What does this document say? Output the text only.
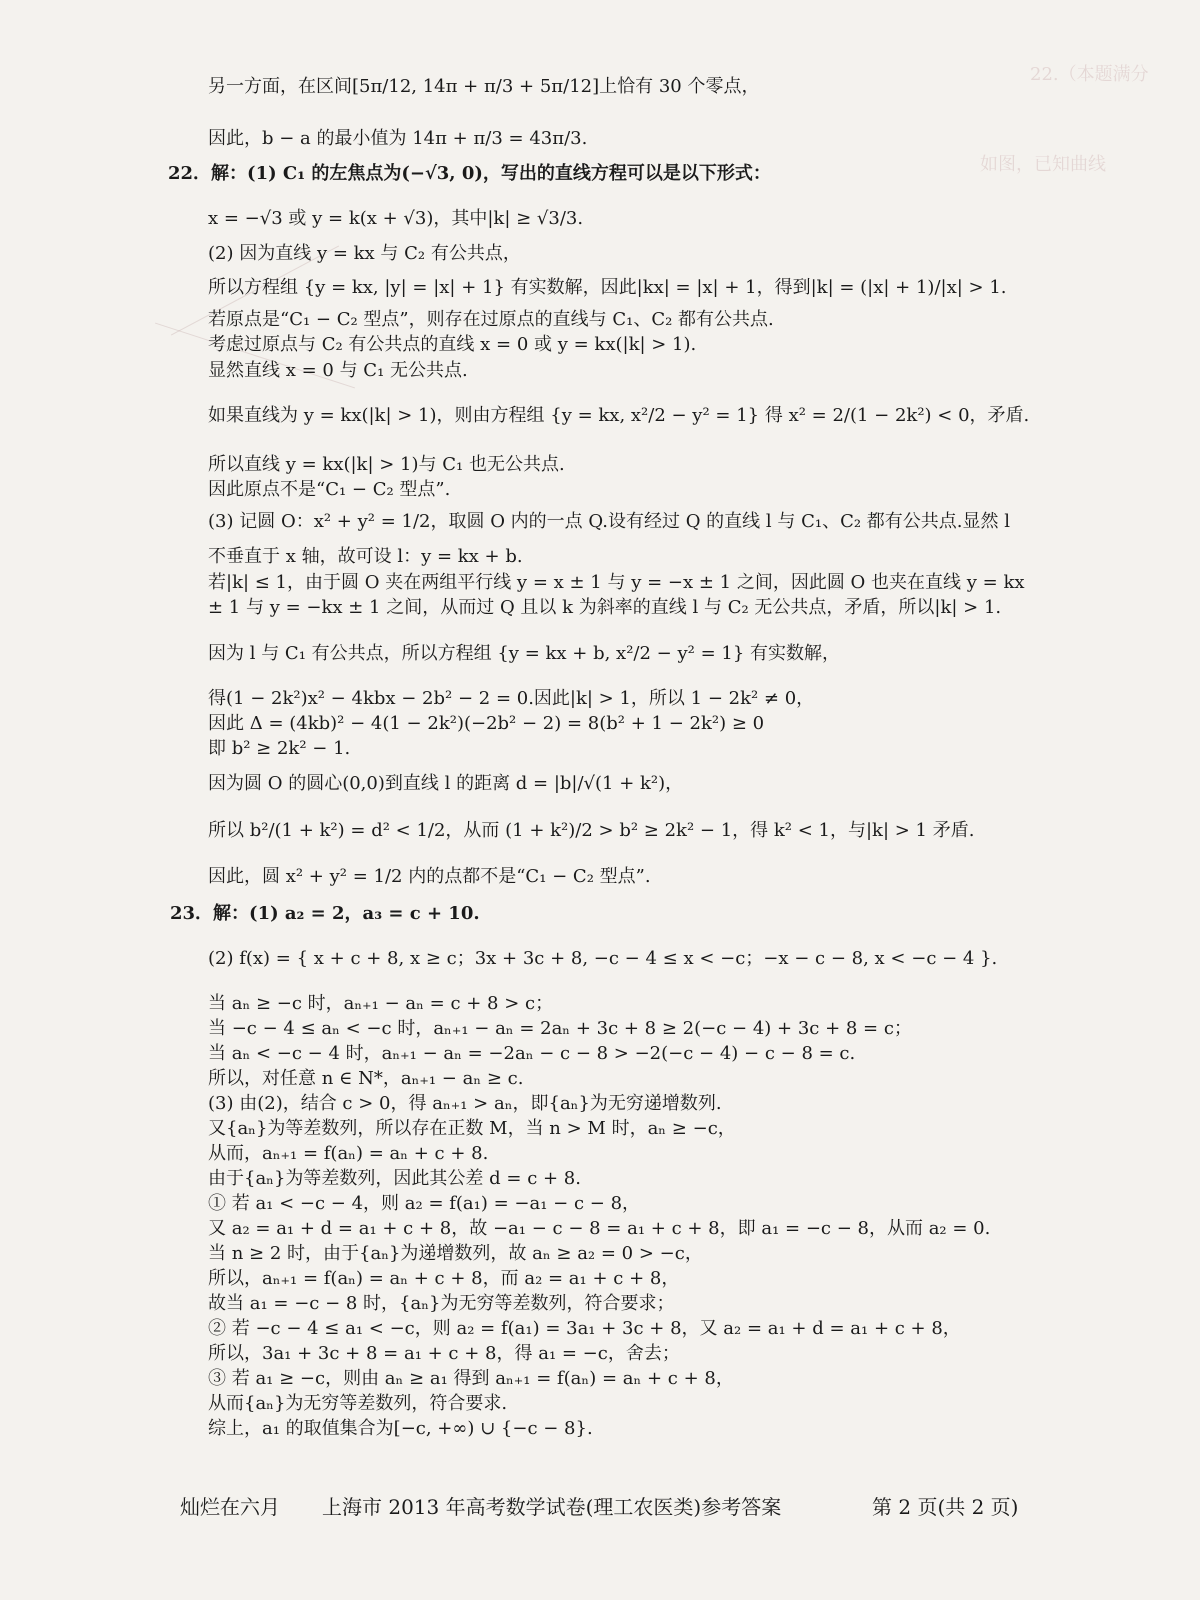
22.（本题满分
如图，已知曲线
另一方面，在区间[5π/12, 14π + π/3 + 5π/12]上恰有 30 个零点，
因此，b − a 的最小值为 14π + π/3 = 43π/3.
22．解：(1) C₁ 的左焦点为(−√3, 0)，写出的直线方程可以是以下形式：
x = −√3 或 y = k(x + √3)，其中|k| ≥ √3/3.
(2) 因为直线 y = kx 与 C₂ 有公共点，
所以方程组 {y = kx, |y| = |x| + 1} 有实数解，因此|kx| = |x| + 1，得到|k| = (|x| + 1)/|x| > 1.
若原点是“C₁ − C₂ 型点”，则存在过原点的直线与 C₁、C₂ 都有公共点.
考虑过原点与 C₂ 有公共点的直线 x = 0 或 y = kx(|k| > 1).
显然直线 x = 0 与 C₁ 无公共点.
如果直线为 y = kx(|k| > 1)，则由方程组 {y = kx, x²/2 − y² = 1} 得 x² = 2/(1 − 2k²) < 0，矛盾.
所以直线 y = kx(|k| > 1)与 C₁ 也无公共点.
因此原点不是“C₁ − C₂ 型点”.
(3) 记圆 O：x² + y² = 1/2，取圆 O 内的一点 Q.设有经过 Q 的直线 l 与 C₁、C₂ 都有公共点.显然 l
不垂直于 x 轴，故可设 l：y = kx + b.
若|k| ≤ 1，由于圆 O 夹在两组平行线 y = x ± 1 与 y = −x ± 1 之间，因此圆 O 也夹在直线 y = kx
± 1 与 y = −kx ± 1 之间，从而过 Q 且以 k 为斜率的直线 l 与 C₂ 无公共点，矛盾，所以|k| > 1.
因为 l 与 C₁ 有公共点，所以方程组 {y = kx + b, x²/2 − y² = 1} 有实数解，
得(1 − 2k²)x² − 4kbx − 2b² − 2 = 0.因此|k| > 1，所以 1 − 2k² ≠ 0，
因此 Δ = (4kb)² − 4(1 − 2k²)(−2b² − 2) = 8(b² + 1 − 2k²) ≥ 0
即 b² ≥ 2k² − 1.
因为圆 O 的圆心(0,0)到直线 l 的距离 d = |b|/√(1 + k²)，
所以 b²/(1 + k²) = d² < 1/2，从而 (1 + k²)/2 > b² ≥ 2k² − 1，得 k² < 1，与|k| > 1 矛盾.
因此，圆 x² + y² = 1/2 内的点都不是“C₁ − C₂ 型点”.
23．解：(1) a₂ = 2，a₃ = c + 10.
(2) f(x) = { x + c + 8, x ≥ c；3x + 3c + 8, −c − 4 ≤ x < −c；−x − c − 8, x < −c − 4 }.
当 aₙ ≥ −c 时，aₙ₊₁ − aₙ = c + 8 > c；
当 −c − 4 ≤ aₙ < −c 时，aₙ₊₁ − aₙ = 2aₙ + 3c + 8 ≥ 2(−c − 4) + 3c + 8 = c；
当 aₙ < −c − 4 时，aₙ₊₁ − aₙ = −2aₙ − c − 8 > −2(−c − 4) − c − 8 = c.
所以，对任意 n ∈ N*，aₙ₊₁ − aₙ ≥ c.
(3) 由(2)，结合 c > 0，得 aₙ₊₁ > aₙ，即{aₙ}为无穷递增数列.
又{aₙ}为等差数列，所以存在正数 M，当 n > M 时，aₙ ≥ −c，
从而，aₙ₊₁ = f(aₙ) = aₙ + c + 8.
由于{aₙ}为等差数列，因此其公差 d = c + 8.
① 若 a₁ < −c − 4，则 a₂ = f(a₁) = −a₁ − c − 8，
又 a₂ = a₁ + d = a₁ + c + 8，故 −a₁ − c − 8 = a₁ + c + 8，即 a₁ = −c − 8，从而 a₂ = 0.
当 n ≥ 2 时，由于{aₙ}为递增数列，故 aₙ ≥ a₂ = 0 > −c，
所以，aₙ₊₁ = f(aₙ) = aₙ + c + 8，而 a₂ = a₁ + c + 8，
故当 a₁ = −c − 8 时，{aₙ}为无穷等差数列，符合要求；
② 若 −c − 4 ≤ a₁ < −c，则 a₂ = f(a₁) = 3a₁ + 3c + 8，又 a₂ = a₁ + d = a₁ + c + 8，
所以，3a₁ + 3c + 8 = a₁ + c + 8，得 a₁ = −c，舍去；
③ 若 a₁ ≥ −c，则由 aₙ ≥ a₁ 得到 aₙ₊₁ = f(aₙ) = aₙ + c + 8，
从而{aₙ}为无穷等差数列，符合要求.
综上，a₁ 的取值集合为[−c, +∞) ∪ {−c − 8}.
灿烂在六月 上海市 2013 年高考数学试卷(理工农医类)参考答案	第 2 页(共 2 页)
